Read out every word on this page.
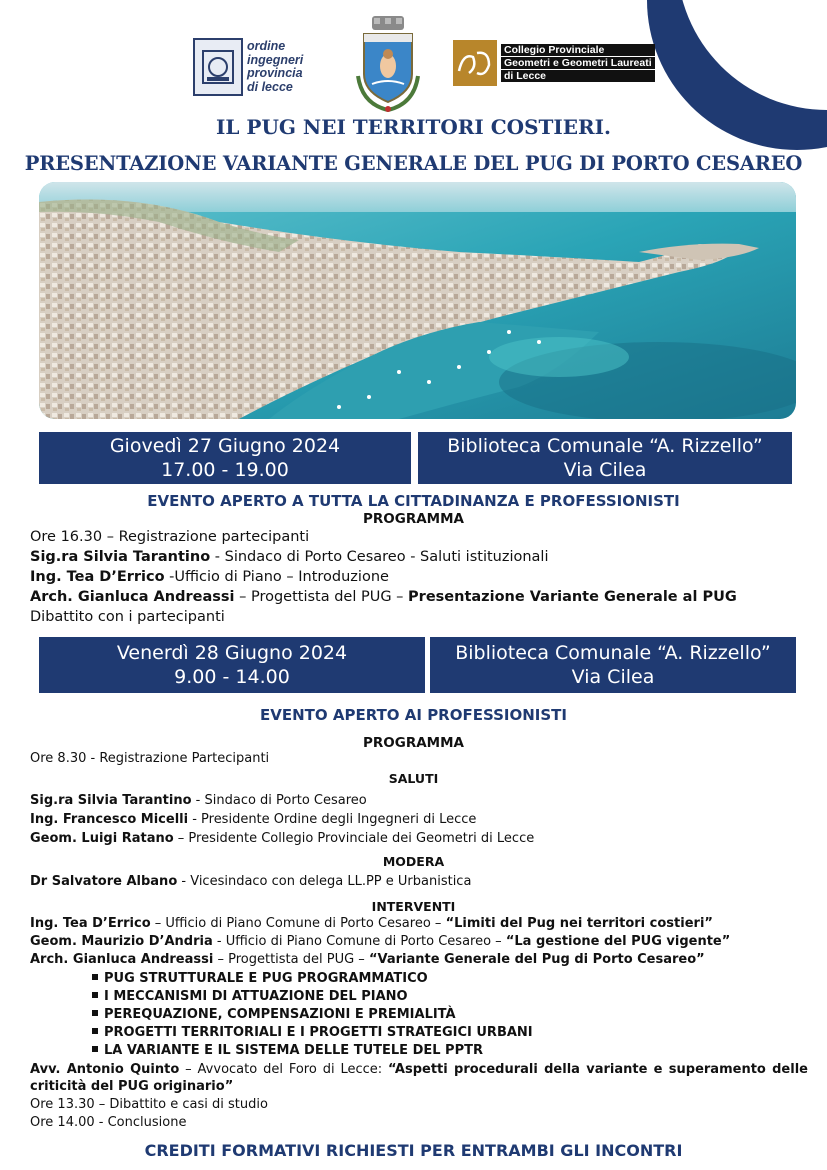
ordine
ingegneri
provincia
di lecce
Collegio Provinciale
Geometri e Geometri Laureati
di Lecce
IL PUG NEI TERRITORI COSTIERI.
PRESENTAZIONE VARIANTE GENERALE DEL PUG DI PORTO CESAREO
Giovedì 27 Giugno 2024
17.00 - 19.00
Biblioteca Comunale “A. Rizzello”
Via Cilea
EVENTO APERTO A TUTTA LA CITTADINANZA E PROFESSIONISTI
PROGRAMMA
Ore 16.30 – Registrazione partecipanti
Sig.ra Silvia Tarantino - Sindaco di Porto Cesareo - Saluti istituzionali
Ing. Tea D’Errico -Ufficio di Piano – Introduzione
Arch. Gianluca Andreassi – Progettista del PUG – Presentazione Variante Generale al PUG
Dibattito con i partecipanti
Venerdì 28 Giugno 2024
9.00 - 14.00
Biblioteca Comunale “A. Rizzello”
Via Cilea
EVENTO APERTO AI PROFESSIONISTI
PROGRAMMA
Ore 8.30 - Registrazione Partecipanti
SALUTI
Sig.ra Silvia Tarantino - Sindaco di Porto Cesareo
Ing. Francesco Micelli - Presidente Ordine degli Ingegneri di Lecce
Geom. Luigi Ratano – Presidente Collegio Provinciale dei Geometri di Lecce
MODERA
Dr Salvatore Albano - Vicesindaco con delega LL.PP e Urbanistica
INTERVENTI
Ing. Tea D’Errico – Ufficio di Piano Comune di Porto Cesareo – “Limiti del Pug nei territori costieri”
Geom. Maurizio D’Andria - Ufficio di Piano Comune di Porto Cesareo – “La gestione del PUG vigente”
Arch. Gianluca Andreassi – Progettista del PUG – “Variante Generale del Pug di Porto Cesareo”
PUG STRUTTURALE E PUG PROGRAMMATICO
I MECCANISMI DI ATTUAZIONE DEL PIANO
PEREQUAZIONE, COMPENSAZIONI E PREMIALITÀ
PROGETTI TERRITORIALI E I PROGETTI STRATEGICI URBANI
LA VARIANTE E IL SISTEMA DELLE TUTELE DEL PPTR
Avv. Antonio Quinto – Avvocato del Foro di Lecce: “Aspetti procedurali della variante e superamento delle criticità del PUG originario”
Ore 13.30 – Dibattito e casi di studio
Ore 14.00 - Conclusione
CREDITI FORMATIVI RICHIESTI PER ENTRAMBI GLI INCONTRI
